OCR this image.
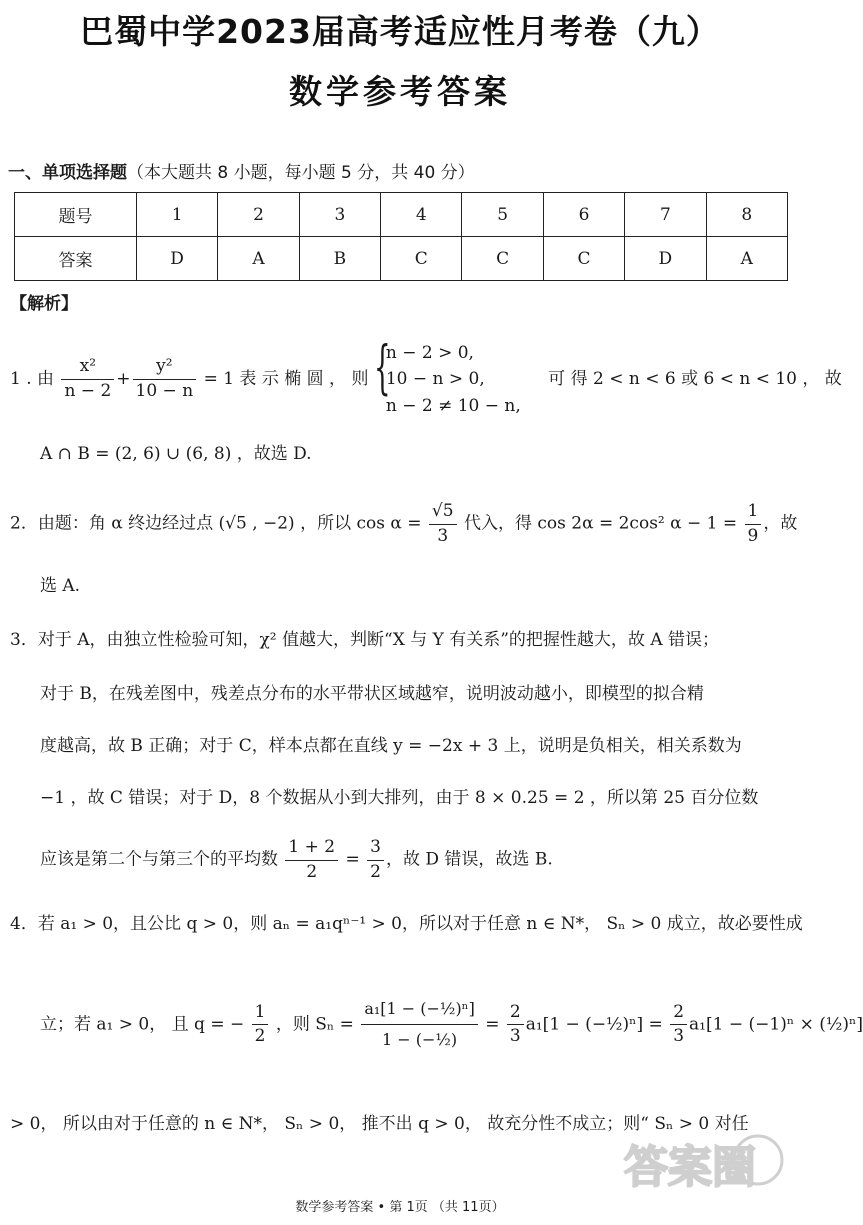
巴蜀中学2023届高考适应性月考卷（九）
数学参考答案
一、单项选择题（本大题共 8 小题，每小题 5 分，共 40 分）
题号	1	2	3	4	5	6	7	8
答案	D	A	B	C	C	C	D	A
【解析】
1 . 由 $\frac{\text{x²}}{n - 2} + \frac{\text{y²}}{10 - n} = 1$ 表 示 椭 圆 ， 则 {
n − 2 > 0,
10 − n > 0,
n − 2 ≠ 10 − n,
可 得 2 < n < 6 或 6 < n < 10 ， 故
A ∩ B = (2, 6) ∪ (6, 8) ，故选 D.
2．由题：角 α 终边经过点 (√5 , −2) ，所以 $\cos \alpha = \frac{√5}{3}$ 代入，得 cos 2α = 2cos² $\alpha - 1 = \frac{1}{9}$ ，故
选 A.
3．对于 A，由独立性检验可知，χ² 值越大，判断“X 与 Y 有关系”的把握性越大，故 A 错误；
对于 B，在残差图中，残差点分布的水平带状区域越窄，说明波动越小，即模型的拟合精
度越高，故 B 正确；对于 C，样本点都在直线 y = −2x + 3 上，说明是负相关，相关系数为
−1 ，故 C 错误；对于 D，8 个数据从小到大排列，由于 8 × 0.25 = 2 ，所以第 25 百分位数
应该是第二个与第三个的平均数 $\frac{1 + 2}{2} = \frac{3}{2}$ ，故 D 错误，故选 B.
4．若 a₁ > 0，且公比 q > 0，则 aₙ = a₁qⁿ⁻¹ > 0，所以对于任意 n ∈ N*， Sₙ > 0 成立，故必要性成
立；若 a₁ > 0， 且 q = − $\frac{1}{2}$ ，则 $S_n = \frac{\text{a₁[1 − (−½)ⁿ]}}{\text{1 − (−½)}} = \frac{2}{3} a_1[1$ − (−½)ⁿ] = $\frac{2}{3} a_1[1 - (-1)^n$ × (½)ⁿ]
> 0， 所以由对于任意的 n ∈ N*， Sₙ > 0， 推不出 q > 0， 故充分性不成立；则“ Sₙ > 0 对任
答案圈
数学参考答案 • 第 1页 （共 11页）
